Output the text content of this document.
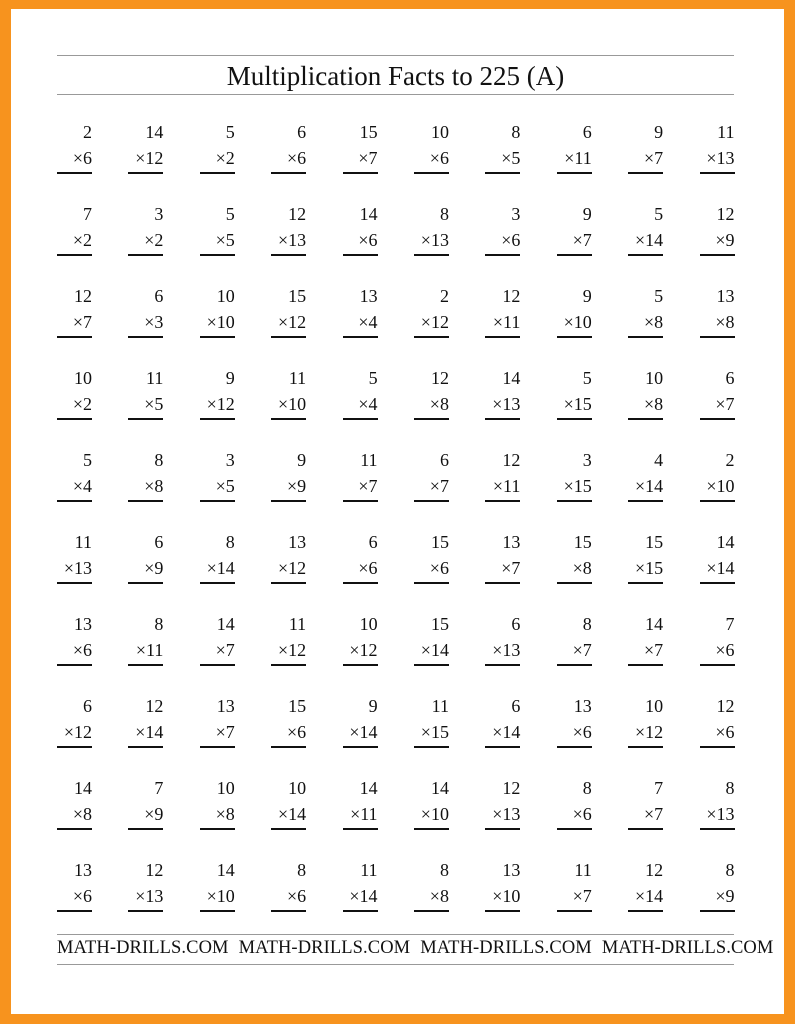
Multiplication Facts to 225 (A)
2
×6
14
×12
5
×2
6
×6
15
×7
10
×6
8
×5
6
×11
9
×7
11
×13
7
×2
3
×2
5
×5
12
×13
14
×6
8
×13
3
×6
9
×7
5
×14
12
×9
12
×7
6
×3
10
×10
15
×12
13
×4
2
×12
12
×11
9
×10
5
×8
13
×8
10
×2
11
×5
9
×12
11
×10
5
×4
12
×8
14
×13
5
×15
10
×8
6
×7
5
×4
8
×8
3
×5
9
×9
11
×7
6
×7
12
×11
3
×15
4
×14
2
×10
11
×13
6
×9
8
×14
13
×12
6
×6
15
×6
13
×7
15
×8
15
×15
14
×14
13
×6
8
×11
14
×7
11
×12
10
×12
15
×14
6
×13
8
×7
14
×7
7
×6
6
×12
12
×14
13
×7
15
×6
9
×14
11
×15
6
×14
13
×6
10
×12
12
×6
14
×8
7
×9
10
×8
10
×14
14
×11
14
×10
12
×13
8
×6
7
×7
8
×13
13
×6
12
×13
14
×10
8
×6
11
×14
8
×8
13
×10
11
×7
12
×14
8
×9
MATH-DRILLS.COM MATH-DRILLS.COM MATH-DRILLS.COM MATH-DRILLS.COM
